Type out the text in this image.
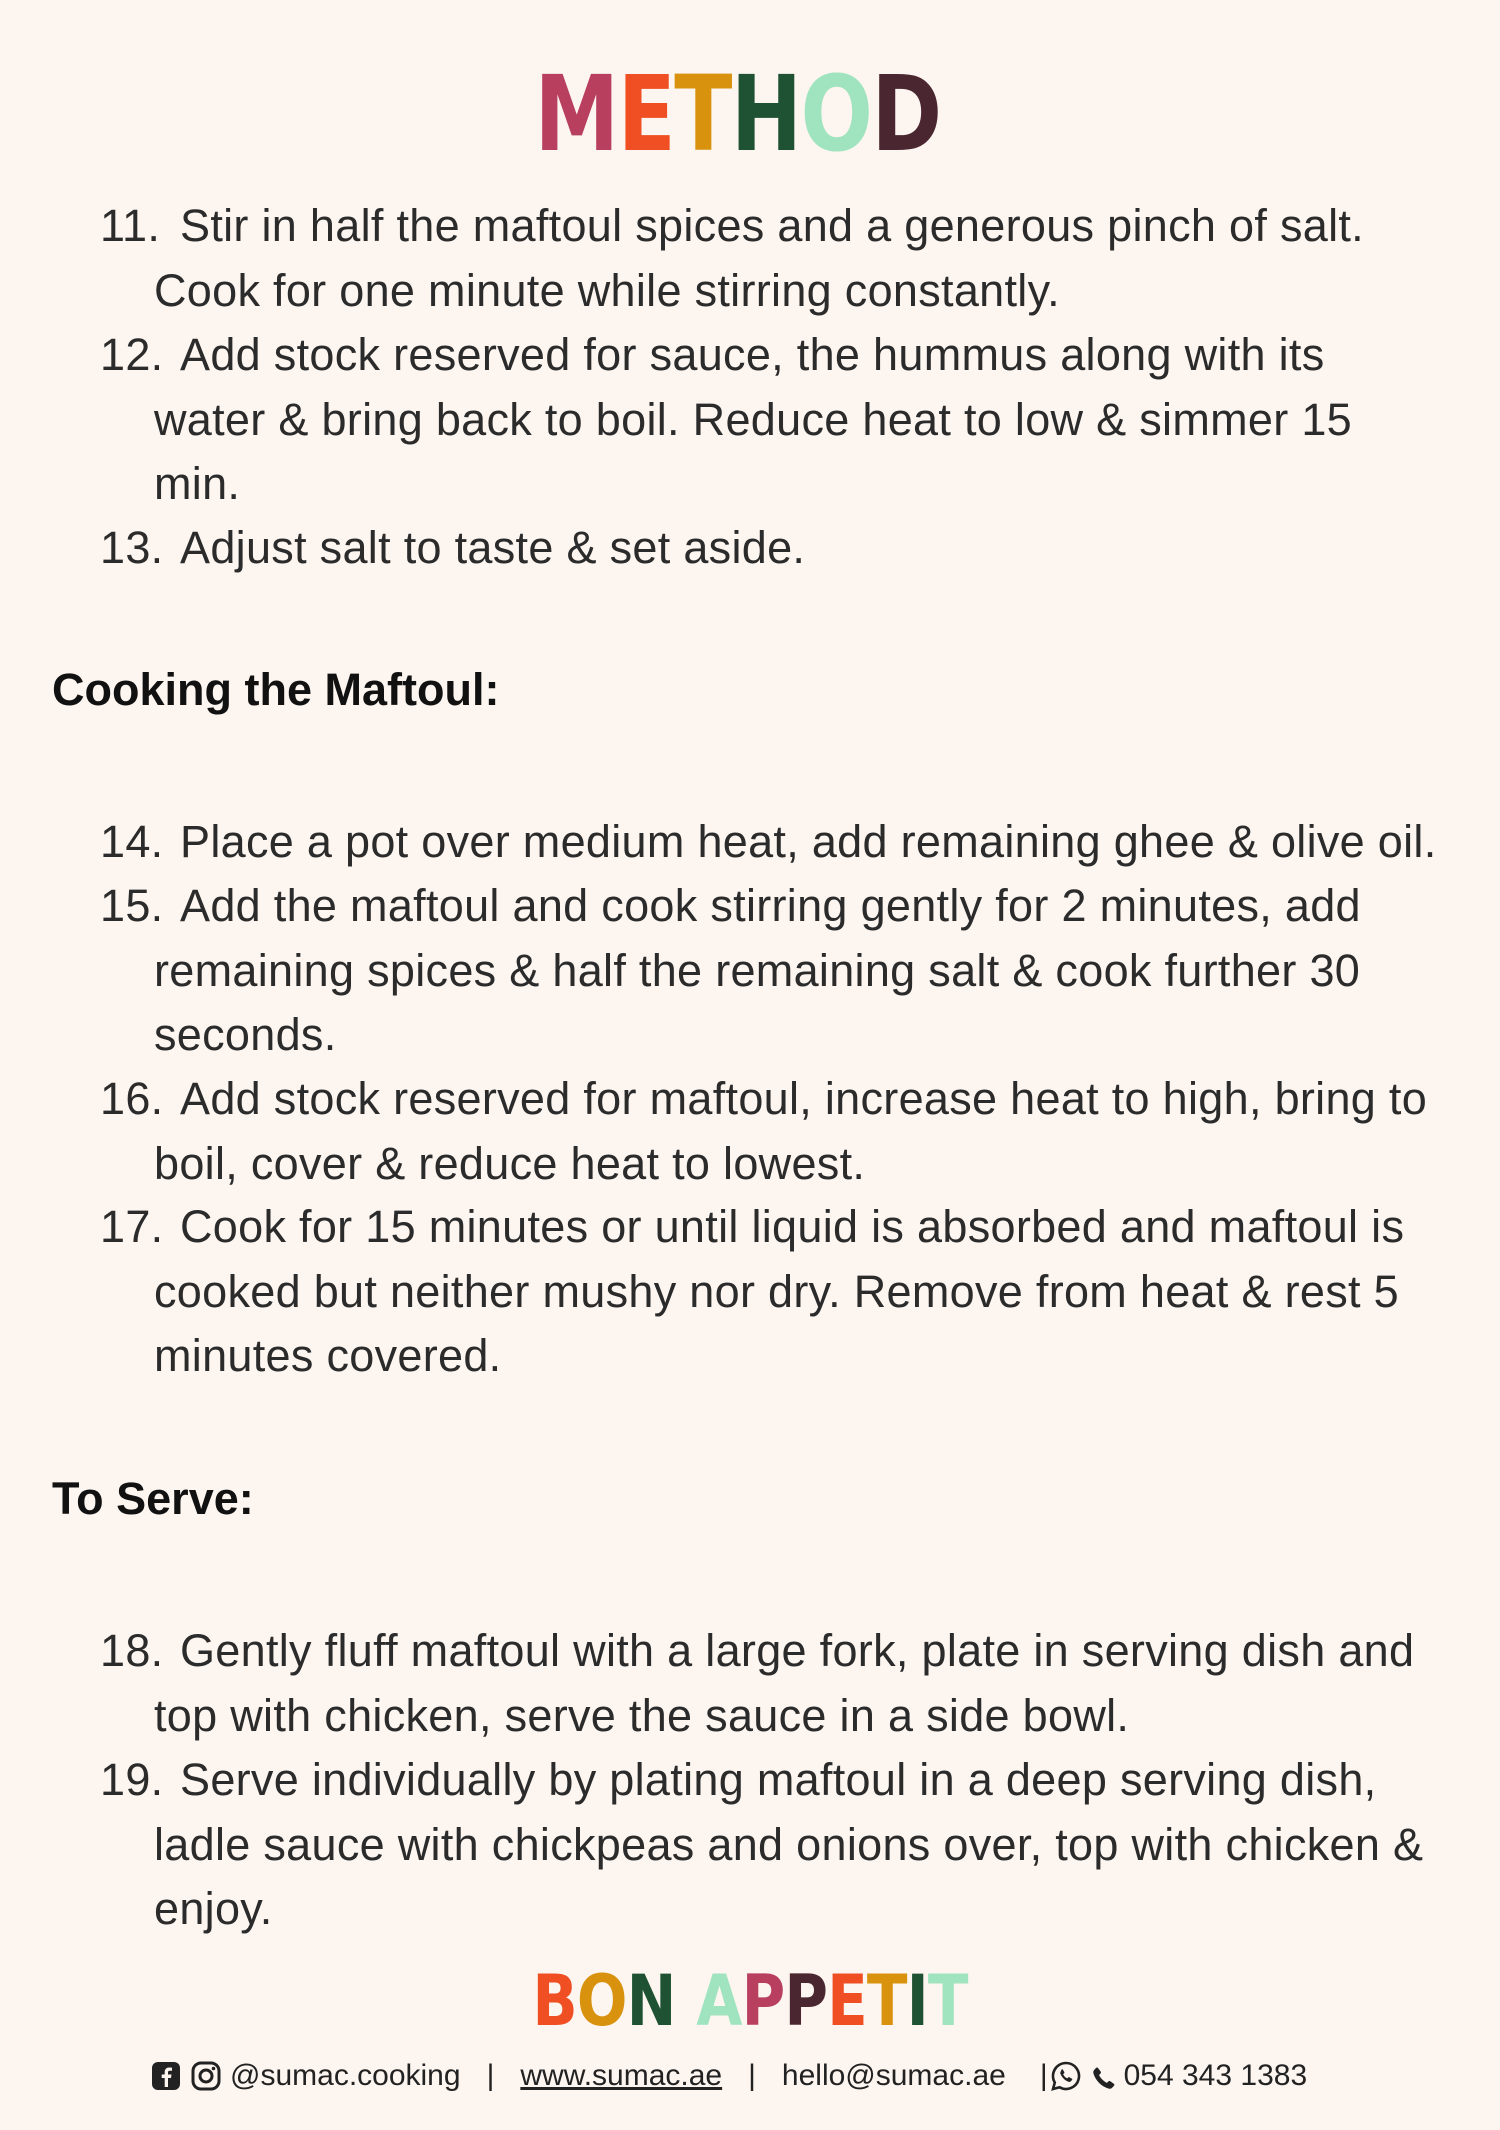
METHOD
11. Stir in half the maftoul spices and a generous pinch of salt.
Cook for one minute while stirring constantly.
12. Add stock reserved for sauce, the hummus along with its
water & bring back to boil. Reduce heat to low & simmer 15
min.
13. Adjust salt to taste & set aside.
Cooking the Maftoul:
14. Place a pot over medium heat, add remaining ghee & olive oil.
15. Add the maftoul and cook stirring gently for 2 minutes, add
remaining spices & half the remaining salt & cook further 30
seconds.
16. Add stock reserved for maftoul, increase heat to high, bring to
boil, cover & reduce heat to lowest.
17. Cook for 15 minutes or until liquid is absorbed and maftoul is
cooked but neither mushy nor dry. Remove from heat & rest 5
minutes covered.
To Serve:
18. Gently fluff maftoul with a large fork, plate in serving dish and
top with chicken, serve the sauce in a side bowl.
19. Serve individually by plating maftoul in a deep serving dish,
ladle sauce with chickpeas and onions over, top with chicken &
enjoy.
BON APPETIT
@sumac.cooking | www.sumac.ae | hello@sumac.ae |	054 343 1383
